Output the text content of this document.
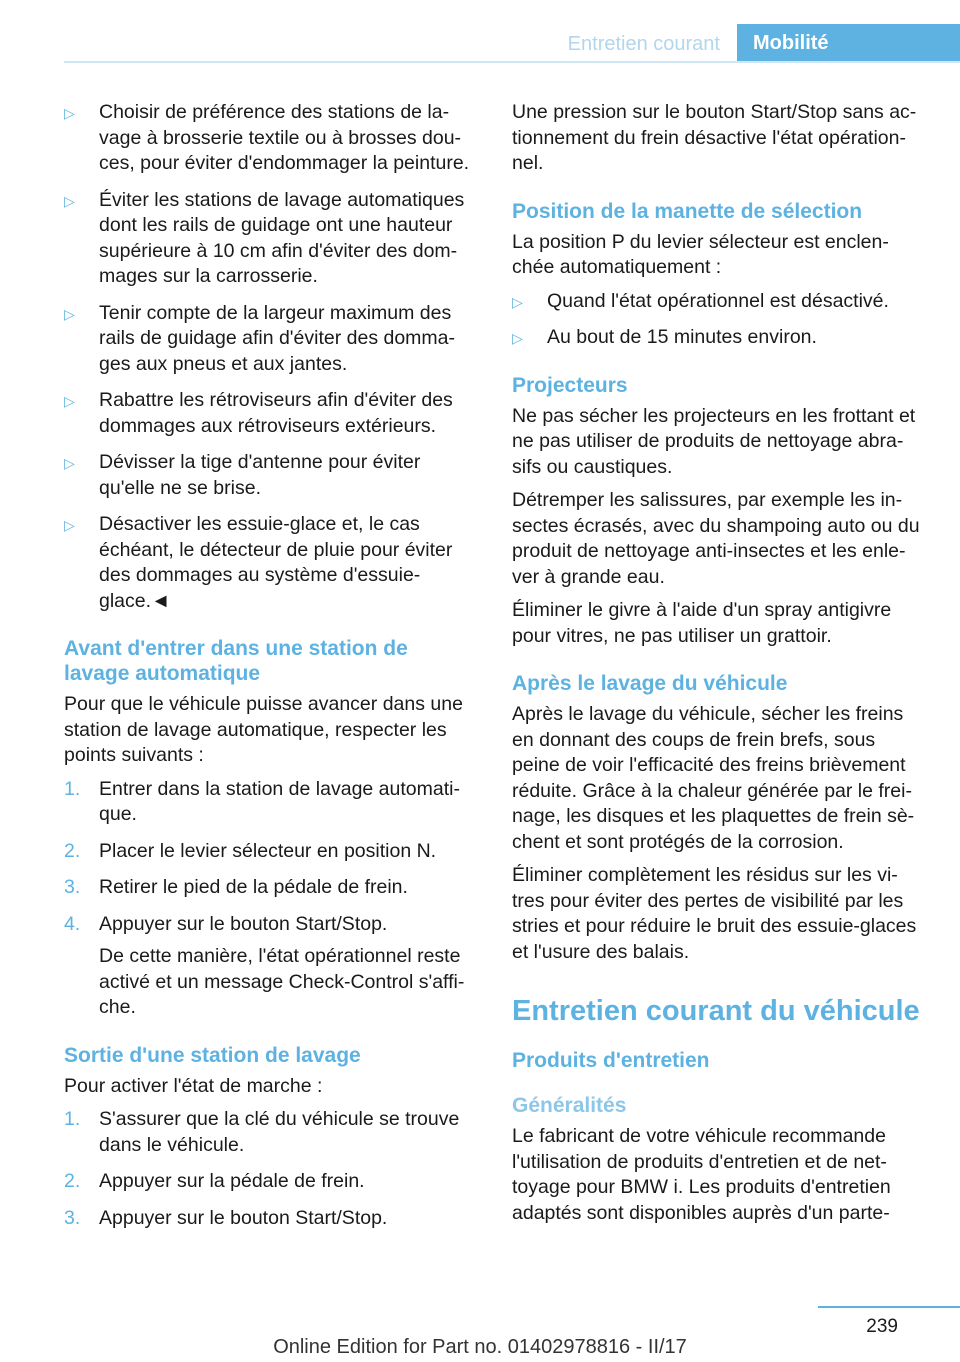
Entretien courant	Mobilité
▷ Choisir de préférence des stations de la-vage à brosserie textile ou à brosses dou-ces, pour éviter d'endommager la peinture.
▷ Éviter les stations de lavage automatiques dont les rails de guidage ont une hauteur supérieure à 10 cm afin d'éviter des dom-mages sur la carrosserie.
▷ Tenir compte de la largeur maximum des rails de guidage afin d'éviter des domma-ges aux pneus et aux jantes.
▷ Rabattre les rétroviseurs afin d'éviter des dommages aux rétroviseurs extérieurs.
▷ Dévisser la tige d'antenne pour éviter qu'elle ne se brise.
▷ Désactiver les essuie-glace et, le cas échéant, le détecteur de pluie pour éviter des dommages au système d'essuie-glace.◄
Avant d'entrer dans une station de lavage automatique

Pour que le véhicule puisse avancer dans une station de lavage automatique, respecter les points suivants :

1. Entrer dans la station de lavage automati-que.
2. Placer le levier sélecteur en position N.
3. Retirer le pied de la pédale de frein.
4. Appuyer sur le bouton Start/Stop.
De cette manière, l'état opérationnel reste activé et un message Check-Control s'affi-che.
Sortie d'une station de lavage

Pour activer l'état de marche :

1. S'assurer que la clé du véhicule se trouve dans le véhicule.
2. Appuyer sur la pédale de frein.
3. Appuyer sur le bouton Start/Stop.

Une pression sur le bouton Start/Stop sans ac-tionnement du frein désactive l'état opération-nel.

Position de la manette de sélection

La position P du levier sélecteur est enclen-chée automatiquement :

▷ Quand l'état opérationnel est désactivé.
▷ Au bout de 15 minutes environ.
Projecteurs

Ne pas sécher les projecteurs en les frottant et ne pas utiliser de produits de nettoyage abra-sifs ou caustiques.

Détremper les salissures, par exemple les in-sectes écrasés, avec du shampoing auto ou du produit de nettoyage anti-insectes et les enle-ver à grande eau.

Éliminer le givre à l'aide d'un spray antigivre pour vitres, ne pas utiliser un grattoir.

Après le lavage du véhicule

Après le lavage du véhicule, sécher les freins en donnant des coups de frein brefs, sous peine de voir l'efficacité des freins brièvement réduite. Grâce à la chaleur générée par le frei-nage, les disques et les plaquettes de frein sè-chent et sont protégés de la corrosion.

Éliminer complètement les résidus sur les vi-tres pour éviter des pertes de visibilité par les stries et pour réduire le bruit des essuie-glaces et l'usure des balais.

Entretien courant du véhicule
Produits d'entretien
Généralités

Le fabricant de votre véhicule recommande l'utilisation de produits d'entretien et de net-toyage pour BMW i. Les produits d'entretien adaptés sont disponibles auprès d'un parte-

239
Online Edition for Part no. 01402978816 - II/17
